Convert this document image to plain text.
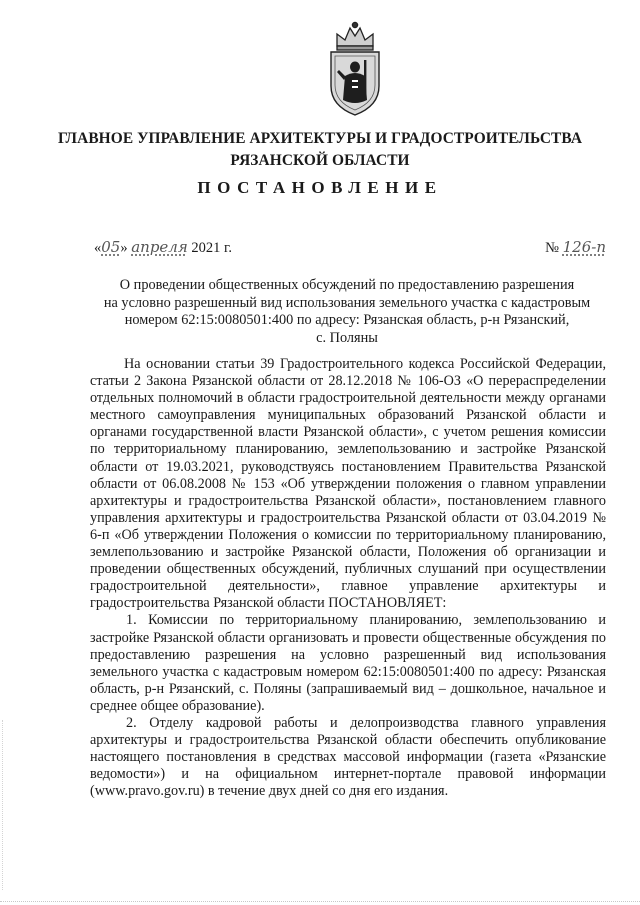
ГЛАВНОЕ УПРАВЛЕНИЕ АРХИТЕКТУРЫ И ГРАДОСТРОИТЕЛЬСТВА
РЯЗАНСКОЙ ОБЛАСТИ
ПОСТАНОВЛЕНИЕ
«05» апреля 2021 г.	№ 126-п
О проведении общественных обсуждений по предоставлению разрешения
на условно разрешенный вид использования земельного участка с кадастровым
номером 62:15:0080501:400 по адресу: Рязанская область, р-н Рязанский,
с. Поляны

На основании статьи 39 Градостроительного кодекса Российской Федерации, статьи 2 Закона Рязанской области от 28.12.2018 № 106-ОЗ «О перераспределении отдельных полномочий в области градостроительной деятельности между органами местного самоуправления муниципальных образований Рязанской области и органами государственной власти Рязанской области», с учетом решения комиссии по территориальному планированию, землепользованию и застройке Рязанской области от 19.03.2021, руководствуясь постановлением Правительства Рязанской области от 06.08.2008 № 153 «Об утверждении положения о главном управлении архитектуры и градостроительства Рязанской области», постановлением главного управления архитектуры и градостроительства Рязанской области от 03.04.2019 № 6-п «Об утверждении Положения о комиссии по территориальному планированию, землепользованию и застройке Рязанской области, Положения об организации и проведении общественных обсуждений, публичных слушаний при осуществлении градостроительной деятельности», главное управление архитектуры и градостроительства Рязанской области ПОСТАНОВЛЯЕТ:

1. Комиссии по территориальному планированию, землепользованию и застройке Рязанской области организовать и провести общественные обсуждения по предоставлению разрешения на условно разрешенный вид использования земельного участка с кадастровым номером 62:15:0080501:400 по адресу: Рязанская область, р-н Рязанский, с. Поляны (запрашиваемый вид – дошкольное, начальное и среднее общее образование).

2. Отделу кадровой работы и делопроизводства главного управления архитектуры и градостроительства Рязанской области обеспечить опубликование настоящего постановления в средствах массовой информации (газета «Рязанские ведомости») и на официальном интернет-портале правовой информации (www.pravo.gov.ru) в течение двух дней со дня его издания.
